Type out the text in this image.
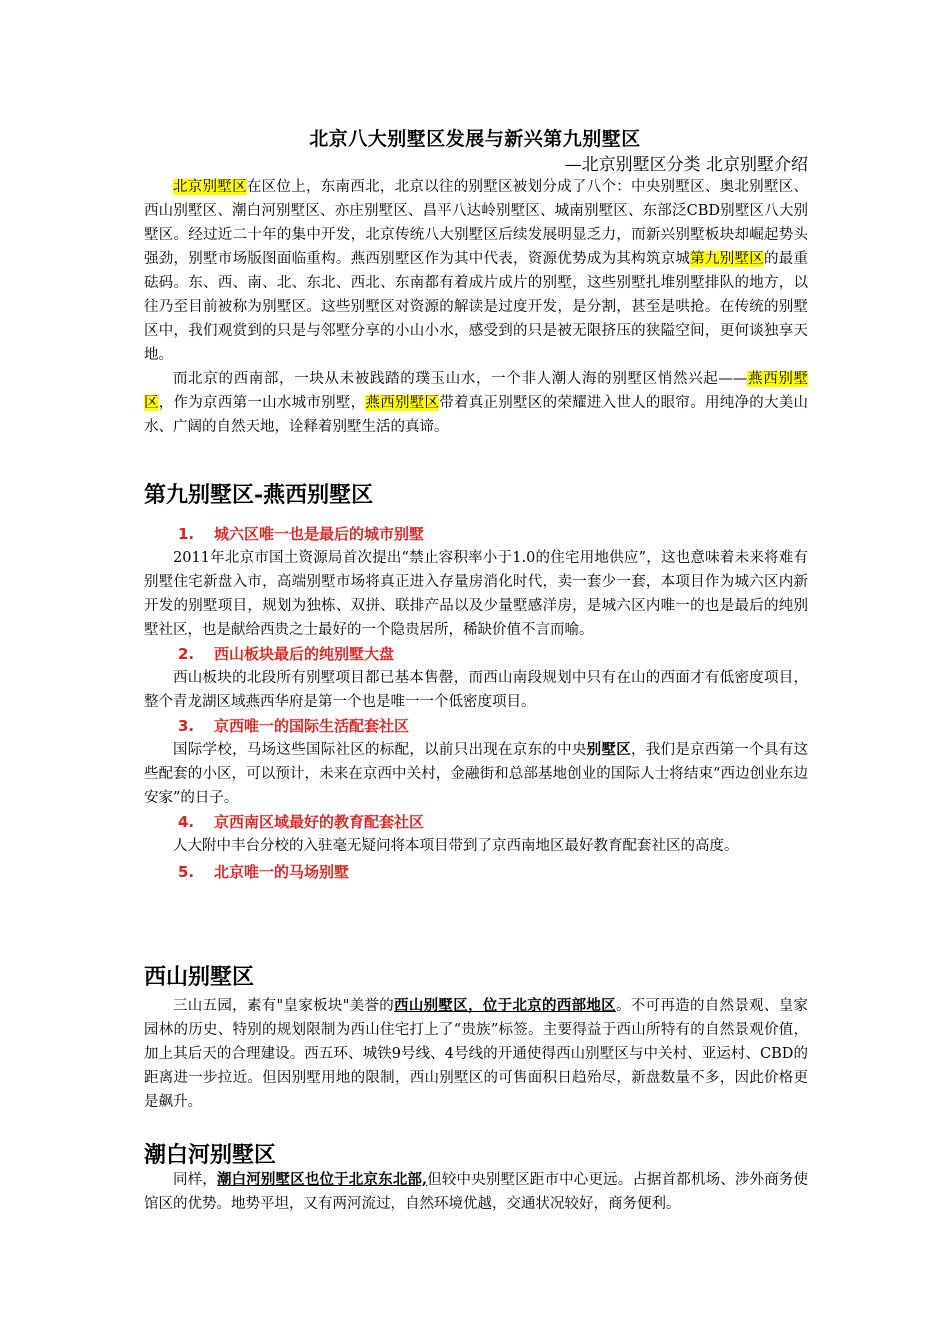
北京八大别墅区发展与新兴第九别墅区
—北京别墅区分类 北京别墅介绍

北京别墅区在区位上，东南西北，北京以往的别墅区被划分成了八个：中央别墅区、奥北别墅区、西山别墅区、潮白河别墅区、亦庄别墅区、昌平八达岭别墅区、城南别墅区、东部泛CBD别墅区八大别墅区。经过近二十年的集中开发，北京传统八大别墅区后续发展明显乏力，而新兴别墅板块却崛起势头强劲，别墅市场版图面临重构。燕西别墅区作为其中代表，资源优势成为其构筑京城第九别墅区的最重砝码。东、西、南、北、东北、西北、东南都有着成片成片的别墅，这些别墅扎堆别墅排队的地方，以往乃至目前被称为别墅区。这些别墅区对资源的解读是过度开发，是分割，甚至是哄抢。在传统的别墅区中，我们观赏到的只是与邻墅分享的小山小水，感受到的只是被无限挤压的狭隘空间，更何谈独享天地。

而北京的西南部，一块从未被践踏的璞玉山水，一个非人潮人海的别墅区悄然兴起——燕西别墅区，作为京西第一山水城市别墅，燕西别墅区带着真正别墅区的荣耀进入世人的眼帘。用纯净的大美山水、广阔的自然天地，诠释着别墅生活的真谛。

第九别墅区-燕西别墅区

1. 城六区唯一也是最后的城市别墅

2011年北京市国土资源局首次提出“禁止容积率小于1.0的住宅用地供应”，这也意味着未来将难有别墅住宅新盘入市，高端别墅市场将真正进入存量房消化时代，卖一套少一套，本项目作为城六区内新开发的别墅项目，规划为独栋、双拼、联排产品以及少量墅感洋房，是城六区内唯一的也是最后的纯别墅社区，也是献给西贵之士最好的一个隐贵居所，稀缺价值不言而喻。

2. 西山板块最后的纯别墅大盘

西山板块的北段所有别墅项目都已基本售罄，而西山南段规划中只有在山的西面才有低密度项目，整个青龙湖区域燕西华府是第一个也是唯一一个低密度项目。

3. 京西唯一的国际生活配套社区

国际学校，马场这些国际社区的标配，以前只出现在京东的中央别墅区，我们是京西第一个具有这些配套的小区，可以预计，未来在京西中关村，金融街和总部基地创业的国际人士将结束“西边创业东边安家”的日子。

4. 京西南区域最好的教育配套社区

人大附中丰台分校的入驻毫无疑问将本项目带到了京西南地区最好教育配套社区的高度。

5. 北京唯一的马场别墅

西山别墅区

三山五园，素有"皇家板块"美誉的西山别墅区，位于北京的西部地区。不可再造的自然景观、皇家园林的历史、特别的规划限制为西山住宅打上了“贵族”标签。主要得益于西山所特有的自然景观价值，加上其后天的合理建设。西五环、城铁9号线、4号线的开通使得西山别墅区与中关村、亚运村、CBD的距离进一步拉近。但因别墅用地的限制，西山别墅区的可售面积日趋殆尽，新盘数量不多，因此价格更是飙升。

潮白河别墅区

同样，潮白河别墅区也位于北京东北部,但较中央别墅区距市中心更远。占据首都机场、涉外商务使馆区的优势。地势平坦，又有两河流过，自然环境优越，交通状况较好，商务便利。
